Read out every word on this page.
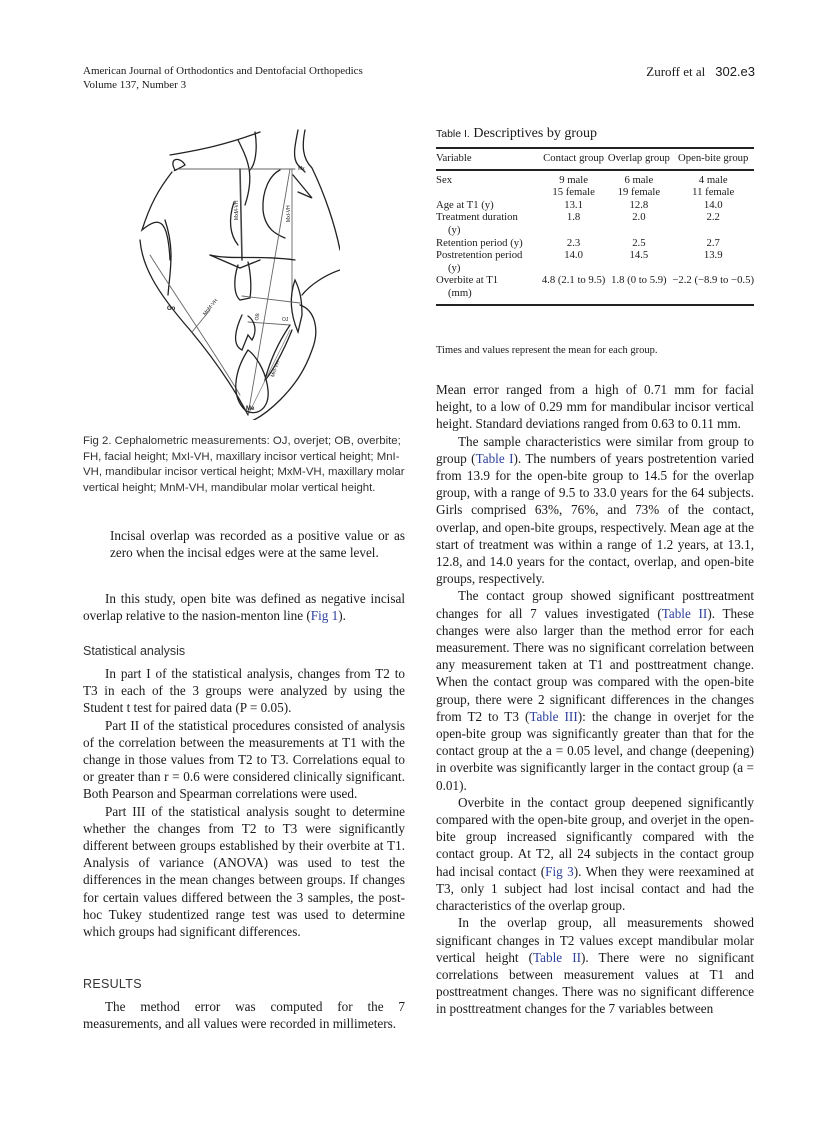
American Journal of Orthodontics and Dentofacial Orthopedics
Volume 137, Number 3
Zuroff et al 302.e3
Go
Me
Mx
MxM-VH	MxI-VH
MnM-VH
MnI-VH
OB	OJ
Fig 2. Cephalometric measurements: OJ, overjet; OB, overbite; FH, facial height; MxI-VH, maxillary incisor vertical height; MnI-VH, mandibular incisor vertical height; MxM-VH, maxillary molar vertical height; MnM-VH, mandibular molar vertical height.

Incisal overlap was recorded as a positive value or as zero when the incisal edges were at the same level.

In this study, open bite was defined as negative incisal overlap relative to the nasion-menton line (Fig 1).

Statistical analysis

In part I of the statistical analysis, changes from T2 to T3 in each of the 3 groups were analyzed by using the Student t test for paired data (P = 0.05).

Part II of the statistical procedures consisted of analysis of the correlation between the measurements at T1 with the change in those values from T2 to T3. Correlations equal to or greater than r = 0.6 were considered clinically significant. Both Pearson and Spearman correlations were used.

Part III of the statistical analysis sought to determine whether the changes from T2 to T3 were significantly different between groups established by their overbite at T1. Analysis of variance (ANOVA) was used to test the differences in the mean changes between groups. If changes for certain values differed between the 3 samples, the post-hoc Tukey studentized range test was used to determine which groups had significant differences.

RESULTS

The method error was computed for the 7 measurements, and all values were recorded in millimeters.

Table I. Descriptives by group
Variable	Contact group	Overlap group	Open-bite group
Sex	9 male	6 male	4 male
	15 female	19 female	11 female
Age at T1 (y)	13.1	12.8	14.0
Treatment duration
(y)	1.8	2.0	2.2
Retention period (y)	2.3	2.5	2.7
Postretention period
(y)	14.0	14.5	13.9
Overbite at T1
(mm)	4.8 (2.1 to 9.5)	1.8 (0 to 5.9)	−2.2 (−8.9 to −0.5)
Times and values represent the mean for each group.

Mean error ranged from a high of 0.71 mm for facial height, to a low of 0.29 mm for mandibular incisor vertical height. Standard deviations ranged from 0.63 to 0.11 mm.

The sample characteristics were similar from group to group (Table I). The numbers of years postretention varied from 13.9 for the open-bite group to 14.5 for the overlap group, with a range of 9.5 to 33.0 years for the 64 subjects. Girls comprised 63%, 76%, and 73% of the contact, overlap, and open-bite groups, respectively. Mean age at the start of treatment was within a range of 1.2 years, at 13.1, 12.8, and 14.0 years for the contact, overlap, and open-bite groups, respectively.

The contact group showed significant posttreatment changes for all 7 values investigated (Table II). These changes were also larger than the method error for each measurement. There was no significant correlation between any measurement taken at T1 and posttreatment change. When the contact group was compared with the open-bite group, there were 2 significant differences in the changes from T2 to T3 (Table III): the change in overjet for the open-bite group was significantly greater than that for the contact group at the a = 0.05 level, and change (deepening) in overbite was significantly larger in the contact group (a = 0.01).

Overbite in the contact group deepened significantly compared with the open-bite group, and overjet in the open-bite group increased significantly compared with the contact group. At T2, all 24 subjects in the contact group had incisal contact (Fig 3). When they were reexamined at T3, only 1 subject had lost incisal contact and had the characteristics of the overlap group.

In the overlap group, all measurements showed significant changes in T2 values except mandibular molar vertical height (Table II). There were no significant correlations between measurement values at T1 and posttreatment changes. There was no significant difference in posttreatment changes for the 7 variables between
